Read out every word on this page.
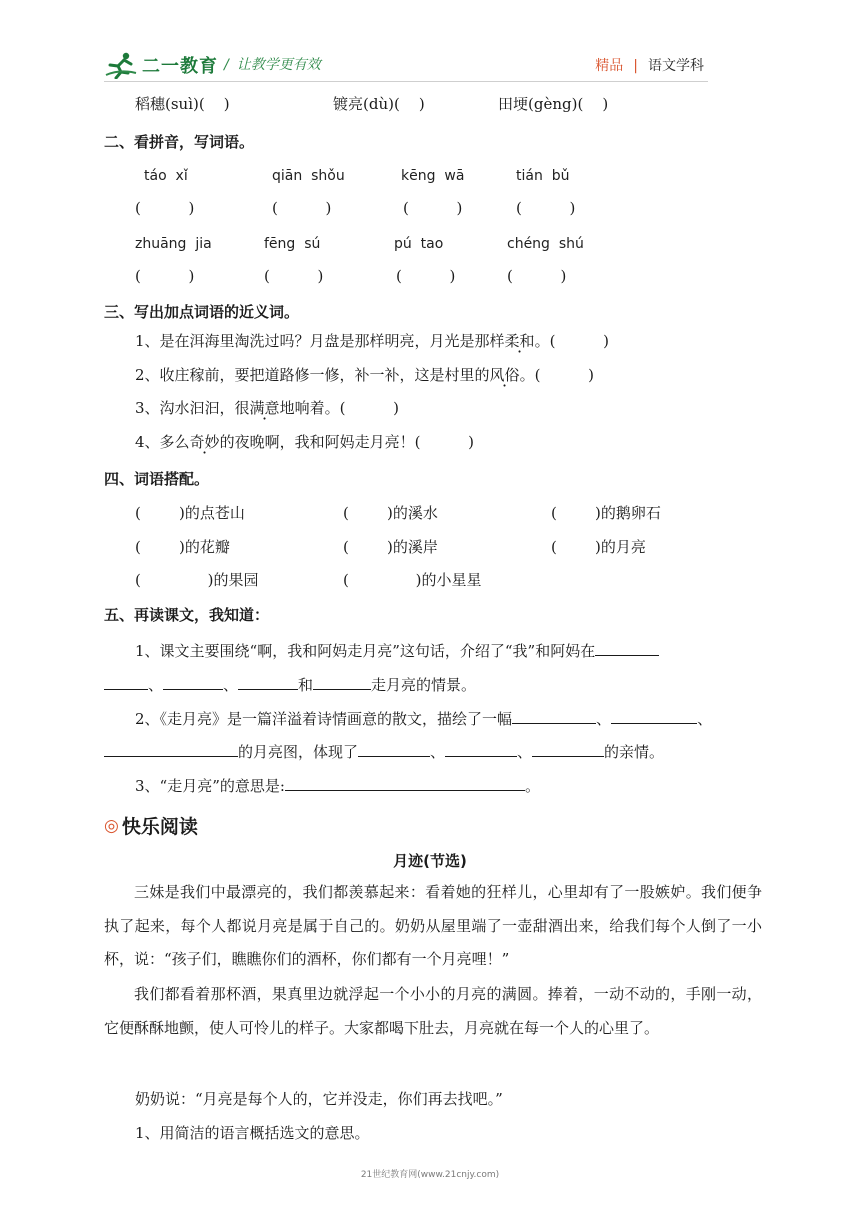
二一教育 / 让教学更有效	精品 | 语文学科
稻穗(suì)(    )	镀亮(dù)(    )	田埂(gèng)(    )
二、看拼音，写词语。
táo  xǐ	qiān  shǒu	kēng  wā	tián  bǔ
(          )	(          )	(          )	(          )
zhuāng  jia	fēng  sú	pú  tao	chéng  shú
(          )	(          )	(          )	(          )
三、写出加点词语的近义词。
1、是在洱海里淘洗过吗？月盘是那样明亮，月光是那样柔和。(          )
2、收庄稼前，要把道路修一修，补一补，这是村里的风俗。(          )
3、沟水汩汩，很满意地响着。(          )
4、多么奇妙的夜晚啊，我和阿妈走月亮！(          )
四、词语搭配。
(        )的点苍山	(        )的溪水	(        )的鹅卵石
(        )的花瓣	(        )的溪岸	(        )的月亮
(              )的果园	(              )的小星星
五、再读课文，我知道：
1、课文主要围绕“啊，我和阿妈走月亮”这句话，介绍了“我”和阿妈在
、	、	和	走月亮的情景。
2、《走月亮》是一篇洋溢着诗情画意的散文，描绘了一幅	、	、
的月亮图，体现了	、	、	的亲情。
3、“走月亮”的意思是:	。
◎ 快乐阅读
月迹(节选)
三妹是我们中最漂亮的，我们都羡慕起来：看着她的狂样儿，心里却有了一股嫉妒。我们便争执了起来，每个人都说月亮是属于自己的。奶奶从屋里端了一壶甜酒出来，给我们每个人倒了一小杯，说：“孩子们，瞧瞧你们的酒杯，你们都有一个月亮哩！”
我们都看着那杯酒，果真里边就浮起一个小小的月亮的满圆。捧着，一动不动的，手刚一动，它便酥酥地颤，使人可怜儿的样子。大家都喝下肚去，月亮就在每一个人的心里了。
奶奶说：“月亮是每个人的，它并没走，你们再去找吧。”
1、用简洁的语言概括选文的意思。
21世纪教育网(www.21cnjy.com)
